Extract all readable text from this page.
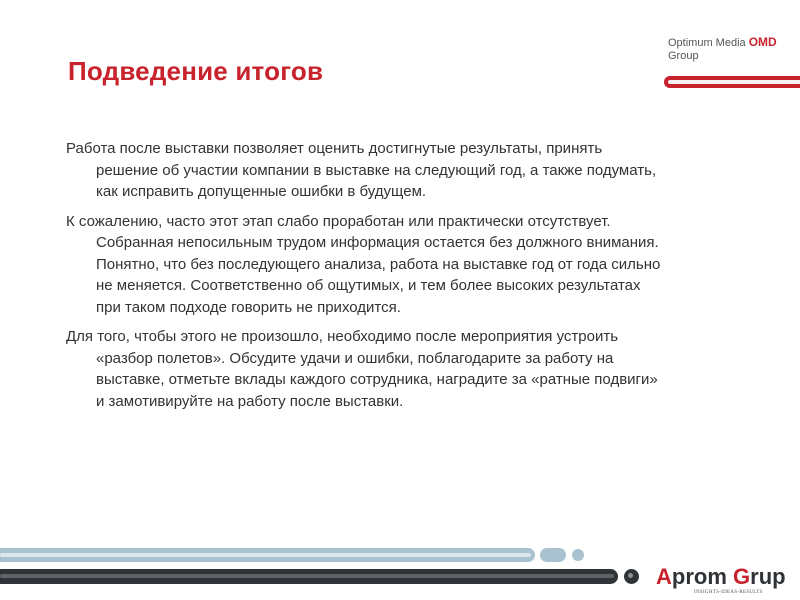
Подведение итогов
Optimum Media OMD
Group

Работа после выставки позволяет оценить достигнутые результаты, принять решение об участии компании в выставке на следующий год, а также подумать, как исправить допущенные ошибки в будущем.

К сожалению, часто этот этап слабо проработан или практически отсутствует. Собранная непосильным трудом информация остается без должного внимания. Понятно, что без последующего анализа, работа на выставке год от года сильно не меняется. Соответственно об ощутимых, и тем более высоких результатах при таком подходе говорить не приходится.

Для того, чтобы этого не произошло, необходимо после мероприятия устроить «разбор полетов». Обсудите удачи и ошибки, поблагодарите за работу на выставке, отметьте вклады каждого сотрудника, наградите за «ратные подвиги» и замотивируйте на работу после выставки.

Aprom Grup
INSIGHTS-IDEAS-RESULTS
